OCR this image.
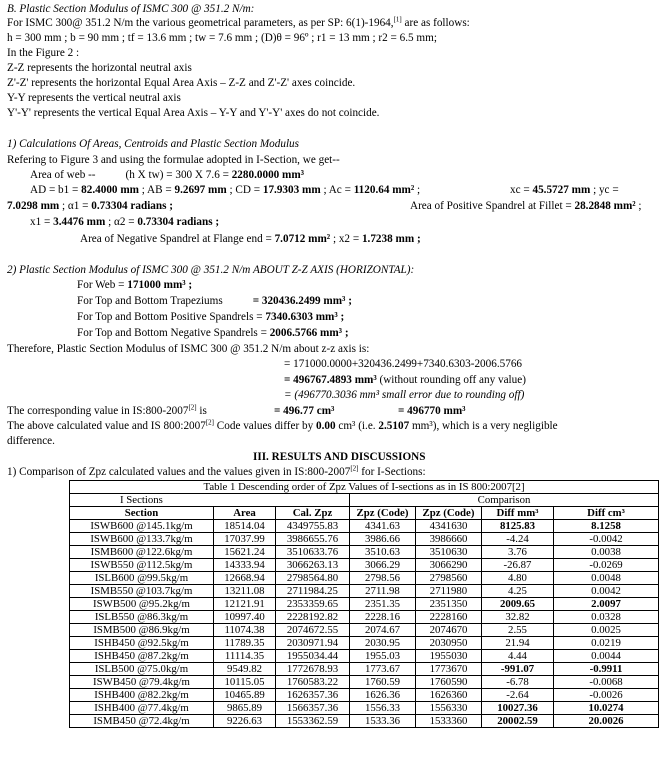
B. Plastic Section Modulus of ISMC 300 @ 351.2 N/m:
For ISMC 300@ 351.2 N/m the various geometrical parameters, as per SP: 6(1)-1964,[1] are as follows:
h = 300 mm ; b = 90 mm ; tf = 13.6 mm ; tw = 7.6 mm ; (D)θ = 96º ; r1 = 13 mm ; r2 = 6.5 mm;
In the Figure 2 :
Z-Z represents the horizontal neutral axis
Z'-Z' represents the horizontal Equal Area Axis – Z-Z and Z'-Z' axes coincide.
Y-Y represents the vertical neutral axis
Y'-Y' represents the vertical Equal Area Axis – Y-Y and Y'-Y' axes do not coincide.
1) Calculations Of Areas, Centroids and Plastic Section Modulus
Refering to Figure 3 and using the formulae adopted in I-Section, we get--
Area of web --	(h X tw) = 300 X 7.6 = 2280.0000 mm³
AD = b1 = 82.4000 mm ; AB = 9.2697 mm ; CD = 17.9303 mm ; Ac = 1120.64 mm² ;	xc = 45.5727 mm ; yc =
7.0298 mm ; α1 = 0.73304 radians ;	Area of Positive Spandrel at Fillet = 28.2848 mm² ;
x1 = 3.4476 mm ; α2 = 0.73304 radians ;
Area of Negative Spandrel at Flange end = 7.0712 mm² ; x2 = 1.7238 mm ;
2) Plastic Section Modulus of ISMC 300 @ 351.2 N/m ABOUT Z-Z AXIS (HORIZONTAL):
For Web = 171000 mm³ ;
For Top and Bottom Trapeziums	= 320436.2499 mm³ ;
For Top and Bottom Positive Spandrels = 7340.6303 mm³ ;
For Top and Bottom Negative Spandrels = 2006.5766 mm³ ;
Therefore, Plastic Section Modulus of ISMC 300 @ 351.2 N/m about z-z axis is:
= 171000.0000+320436.2499+7340.6303-2006.5766
= 496767.4893 mm³ (without rounding off any value)
= (496770.3036 mm³ small error due to rounding off)
The corresponding value in IS:800-2007[2] is	= 496.77 cm³	= 496770 mm³
The above calculated value and IS 800:2007[2] Code values differ by 0.00 cm³ (i.e. 2.5107 mm³), which is a very negligible
difference.
III. RESULTS AND DISCUSSIONS
1) Comparison of Zpz calculated values and the values given in IS:800-2007[2] for I-Sections:
Table 1 Descending order of Zpz Values of I-sections as in IS 800:2007[2]						
I Sections			Comparison			
Section	Area	Cal. Zpz	Zpz (Code)	Zpz (Code)	Diff mm³	Diff cm³
ISWB600 @145.1kg/m	18514.04	4349755.83	4341.63	4341630	8125.83	8.1258
ISWB600 @133.7kg/m	17037.99	3986655.76	3986.66	3986660	-4.24	-0.0042
ISMB600 @122.6kg/m	15621.24	3510633.76	3510.63	3510630	3.76	0.0038
ISWB550 @112.5kg/m	14333.94	3066263.13	3066.29	3066290	-26.87	-0.0269
ISLB600 @99.5kg/m	12668.94	2798564.80	2798.56	2798560	4.80	0.0048
ISMB550 @103.7kg/m	13211.08	2711984.25	2711.98	2711980	4.25	0.0042
ISWB500 @95.2kg/m	12121.91	2353359.65	2351.35	2351350	2009.65	2.0097
ISLB550 @86.3kg/m	10997.40	2228192.82	2228.16	2228160	32.82	0.0328
ISMB500 @86.9kg/m	11074.38	2074672.55	2074.67	2074670	2.55	0.0025
ISHB450 @92.5kg/m	11789.35	2030971.94	2030.95	2030950	21.94	0.0219
ISHB450 @87.2kg/m	11114.35	1955034.44	1955.03	1955030	4.44	0.0044
ISLB500 @75.0kg/m	9549.82	1772678.93	1773.67	1773670	-991.07	-0.9911
ISWB450 @79.4kg/m	10115.05	1760583.22	1760.59	1760590	-6.78	-0.0068
ISHB400 @82.2kg/m	10465.89	1626357.36	1626.36	1626360	-2.64	-0.0026
ISHB400 @77.4kg/m	9865.89	1566357.36	1556.33	1556330	10027.36	10.0274
ISMB450 @72.4kg/m	9226.63	1553362.59	1533.36	1533360	20002.59	20.0026
